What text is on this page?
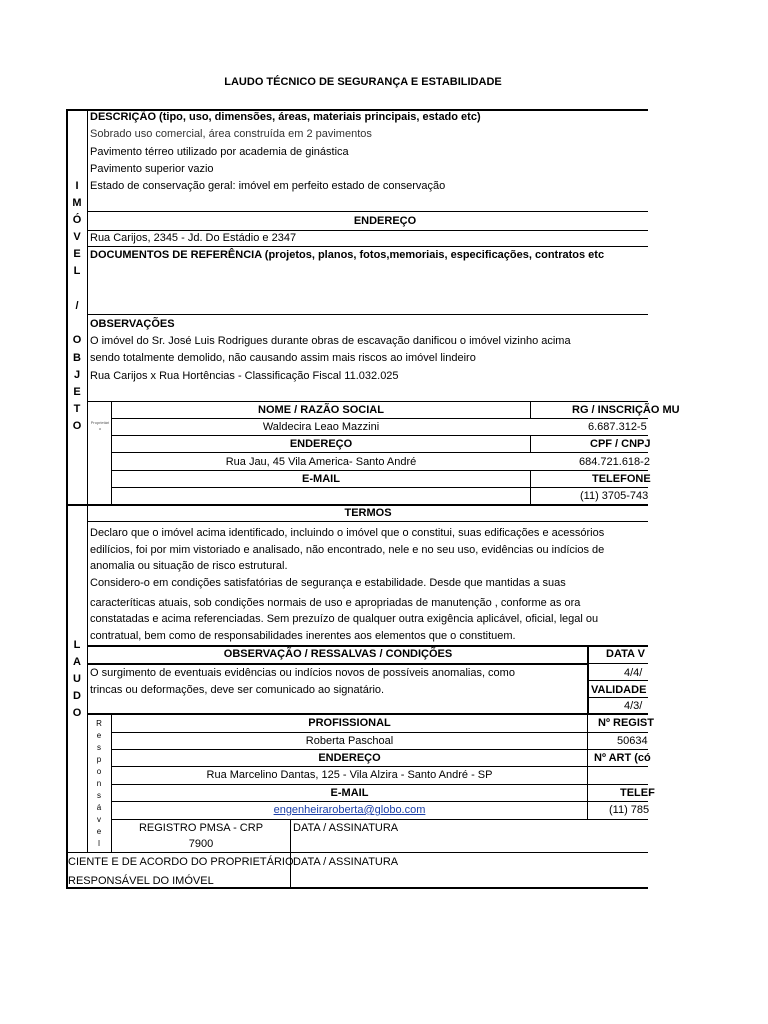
LAUDO TÉCNICO DE SEGURANÇA E ESTABILIDADE
I
M
Ó
V
E
L
/
O
B
J
E
T
O
L
A
U
D
O
DESCRIÇÃO (tipo, uso, dimensões, áreas, materiais principais, estado etc)
Sobrado uso comercial, área construída em 2 pavimentos
Pavimento térreo utilizado por academia de ginástica
Pavimento superior vazio
Estado de conservação geral: imóvel em perfeito estado de conservação
ENDEREÇO
Rua Carijos, 2345 - Jd. Do Estádio e 2347
DOCUMENTOS DE REFERÊNCIA (projetos, planos, fotos,memoriais, especificações, contratos etc
OBSERVAÇÕES
O imóvel do Sr. José Luis Rodrigues durante obras de escavação danificou o imóvel vizinho acima
sendo totalmente demolido, não causando assim mais riscos ao imóvel lindeiro
Rua Carijos x Rua Hortências - Classificação Fiscal 11.032.025
Proprietário
NOME / RAZÃO SOCIAL	RG / INSCRIÇÃO MU
Waldecira Leao Mazzini	6.687.312-5
ENDEREÇO	CPF / CNPJ
Rua Jau, 45 Vila America- Santo André	684.721.618-2
E-MAIL	TELEFONE
(11) 3705-743
TERMOS
Declaro que o imóvel acima identificado, incluindo o imóvel que o constitui, suas edificações e acessórios
edilícios, foi por mim vistoriado e analisado, não encontrado, nele e no seu uso, evidências ou indícios de
anomalia ou situação de risco estrutural.
Considero-o em condições satisfatórias de segurança e estabilidade. Desde que mantidas a suas
caracteríticas atuais, sob condições normais de uso e apropriadas de manutenção , conforme as ora
constatadas e acima referenciadas. Sem prezuízo de qualquer outra exigência aplicável, oficial, legal ou
contratual, bem como de responsabilidades inerentes aos elementos que o constituem.
OBSERVAÇÃO / RESSALVAS / CONDIÇÕES
O surgimento de eventuais evidências ou indícios novos de possíveis anomalias, como
trincas ou deformações, deve ser comunicado ao signatário.
DATA V
4/4/
VALIDADE
4/3/
R
e
s
p
o
n
s
á
v
e
l
PROFISSIONAL	Nº REGIST
Roberta Paschoal	50634
ENDEREÇO	Nº ART (có
Rua Marcelino Dantas, 125 - Vila Alzira - Santo André - SP
E-MAIL	TELEF
engenheiraroberta@globo.com	(11) 785
REGISTRO PMSA - CRP
7900
DATA / ASSINATURA
CIENTE E DE ACORDO DO PROPRIETÁRIO
RESPONSÁVEL DO IMÓVEL
DATA / ASSINATURA
